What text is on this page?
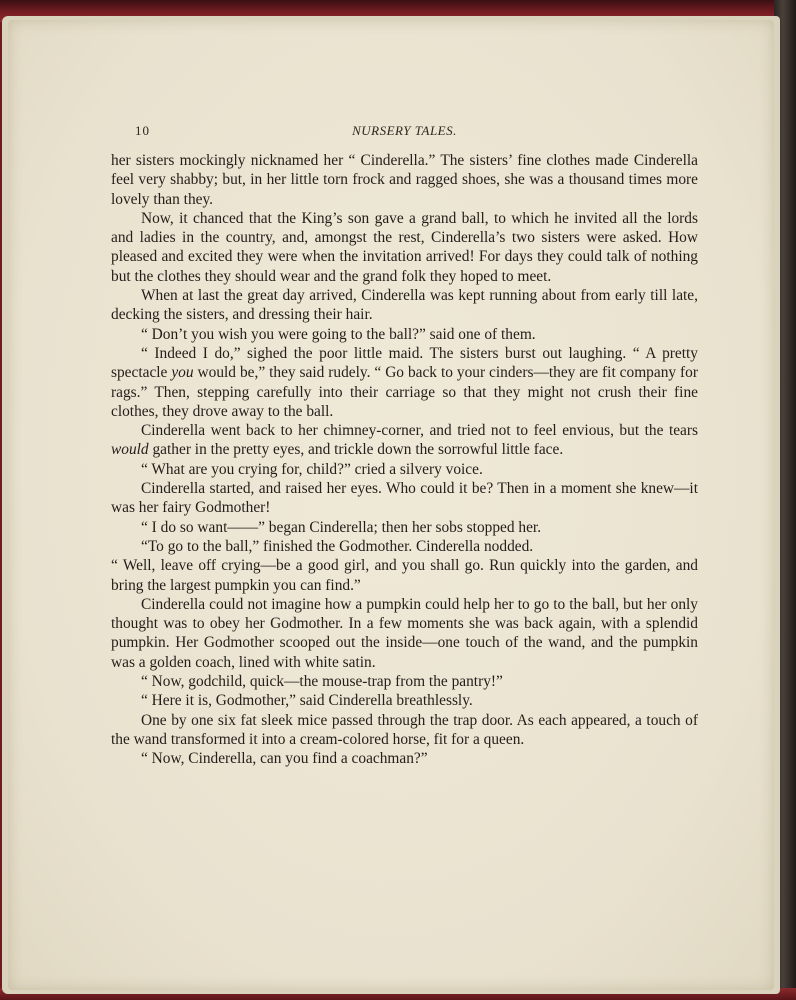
10	NURSERY TALES.

her sisters mockingly nicknamed her “ Cinderella.” The sisters’ fine clothes made Cinderella feel very shabby; but, in her little torn frock and ragged shoes, she was a thousand times more lovely than they.

Now, it chanced that the King’s son gave a grand ball, to which he invited all the lords and ladies in the country, and, amongst the rest, Cinderella’s two sisters were asked. How pleased and excited they were when the invitation arrived! For days they could talk of nothing but the clothes they should wear and the grand folk they hoped to meet.

When at last the great day arrived, Cinderella was kept running about from early till late, decking the sisters, and dressing their hair.

“ Don’t you wish you were going to the ball?” said one of them.

“ Indeed I do,” sighed the poor little maid. The sisters burst out laughing. “ A pretty spectacle you would be,” they said rudely. “ Go back to your cinders—they are fit company for rags.” Then, stepping carefully into their carriage so that they might not crush their fine clothes, they drove away to the ball.

Cinderella went back to her chimney-corner, and tried not to feel envious, but the tears would gather in the pretty eyes, and trickle down the sorrowful little face.

“ What are you crying for, child?” cried a silvery voice.

Cinderella started, and raised her eyes. Who could it be? Then in a moment she knew—it was her fairy Godmother!

“ I do so want——” began Cinderella; then her sobs stopped her.

“To go to the ball,” finished the Godmother. Cinderella nodded.

“ Well, leave off crying—be a good girl, and you shall go. Run quickly into the garden, and bring the largest pumpkin you can find.”

Cinderella could not imagine how a pumpkin could help her to go to the ball, but her only thought was to obey her Godmother. In a few moments she was back again, with a splendid pumpkin. Her Godmother scooped out the inside—one touch of the wand, and the pumpkin was a golden coach, lined with white satin.

“ Now, godchild, quick—the mouse-trap from the pantry!”

“ Here it is, Godmother,” said Cinderella breathlessly.

One by one six fat sleek mice passed through the trap door. As each appeared, a touch of the wand transformed it into a cream-colored horse, fit for a queen.

“ Now, Cinderella, can you find a coachman?”
